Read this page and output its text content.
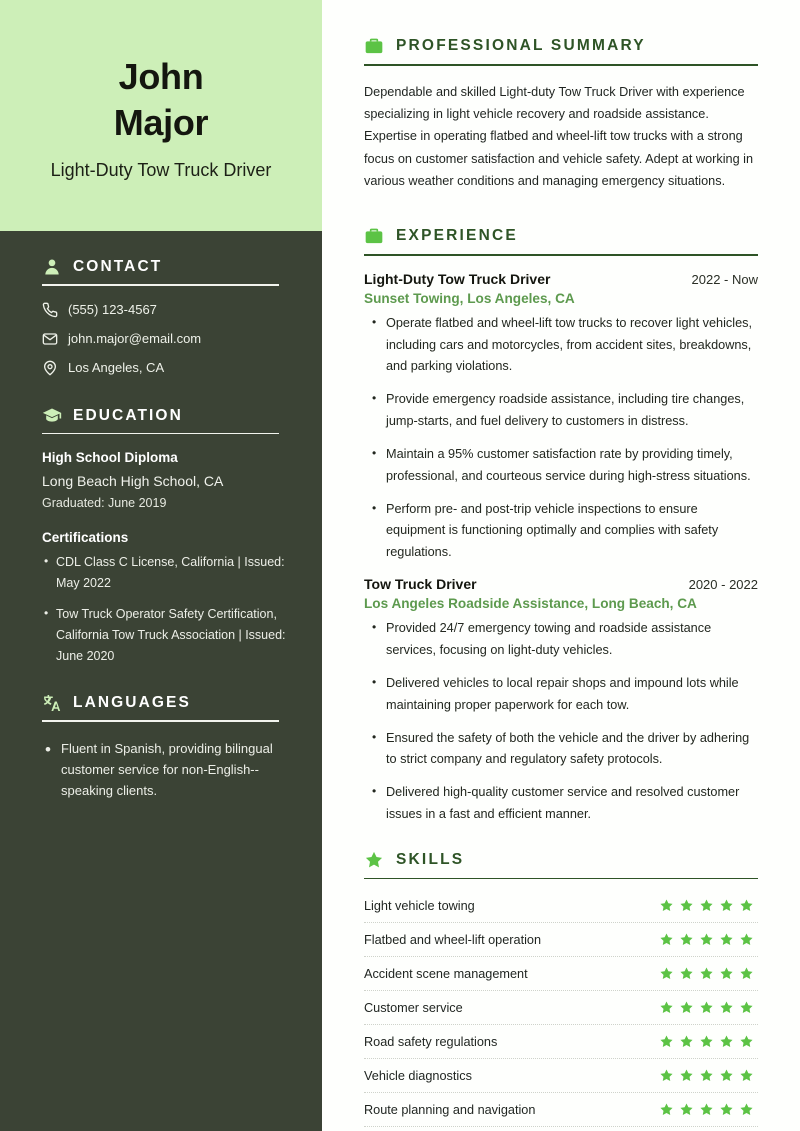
John
Major
Light-Duty Tow Truck Driver
CONTACT
(555) 123-4567
john.major@email.com
Los Angeles, CA
EDUCATION
High School Diploma
Long Beach High School, CA
Graduated: June 2019
Certifications
• CDL Class C License, California | Issued: May 2022
• Tow Truck Operator Safety Certification, California Tow Truck Association | Issued: June 2020
LANGUAGES
• Fluent in Spanish, providing bilingual customer service for non-English--speaking clients.
PROFESSIONAL SUMMARY

Dependable and skilled Light-duty Tow Truck Driver with experience specializing in light vehicle recovery and roadside assistance. Expertise in operating flatbed and wheel-lift tow trucks with a strong focus on customer satisfaction and vehicle safety. Adept at working in various weather conditions and managing emergency situations.

EXPERIENCE
Light-Duty Tow Truck Driver	2022 - Now
Sunset Towing, Los Angeles, CA
• Operate flatbed and wheel-lift tow trucks to recover light vehicles, including cars and motorcycles, from accident sites, breakdowns, and parking violations.
• Provide emergency roadside assistance, including tire changes, jump-starts, and fuel delivery to customers in distress.
• Maintain a 95% customer satisfaction rate by providing timely, professional, and courteous service during high-stress situations.
• Perform pre- and post-trip vehicle inspections to ensure equipment is functioning optimally and complies with safety regulations.
Tow Truck Driver	2020 - 2022
Los Angeles Roadside Assistance, Long Beach, CA
• Provided 24/7 emergency towing and roadside assistance services, focusing on light-duty vehicles.
• Delivered vehicles to local repair shops and impound lots while maintaining proper paperwork for each tow.
• Ensured the safety of both the vehicle and the driver by adhering to strict company and regulatory safety protocols.
• Delivered high-quality customer service and resolved customer issues in a fast and efficient manner.
SKILLS
Light vehicle towing
Flatbed and wheel-lift operation
Accident scene management
Customer service
Road safety regulations
Vehicle diagnostics
Route planning and navigation
